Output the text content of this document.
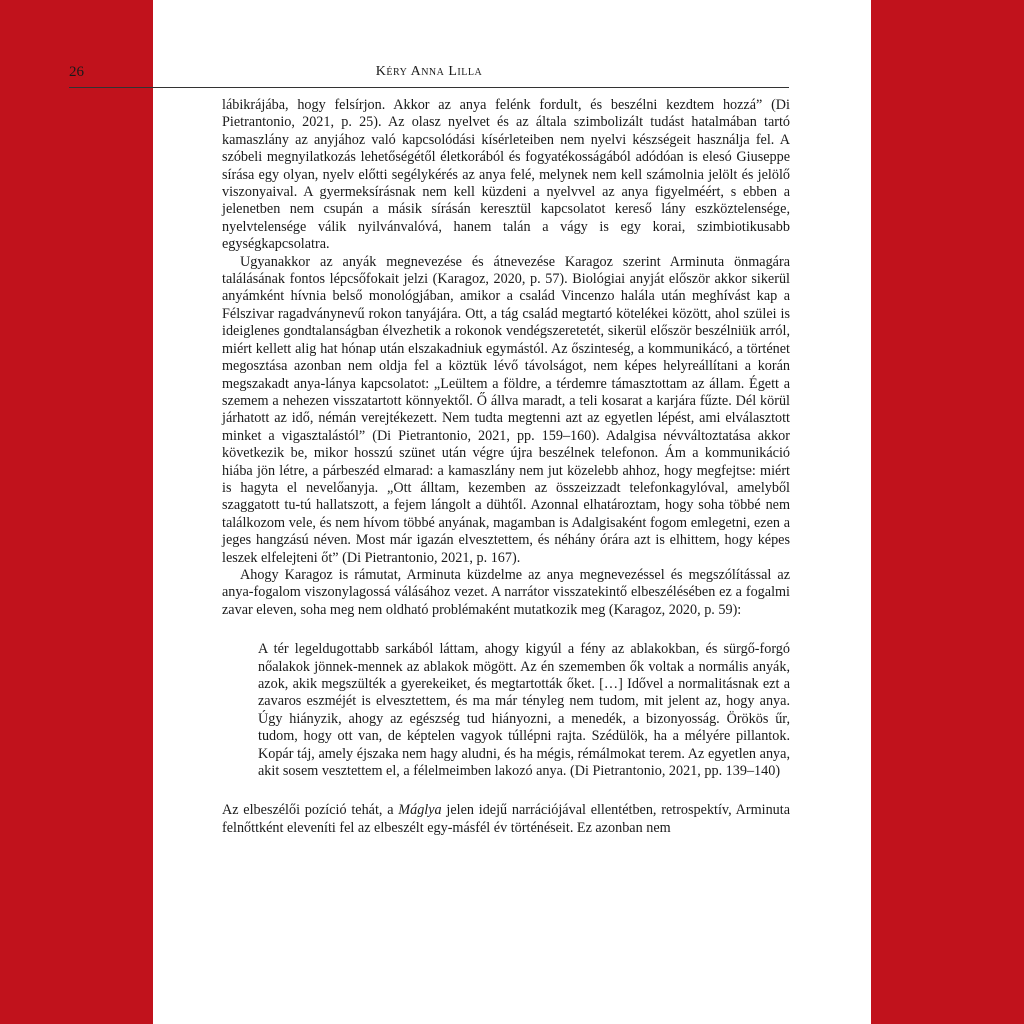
26	Kéry Anna Lilla

lábikrájába, hogy felsírjon. Akkor az anya felénk fordult, és beszélni kezdtem hozzá” (Di Pietrantonio, 2021, p. 25). Az olasz nyelvet és az általa szimbolizált tudást hatalmában tartó kamaszlány az anyjához való kapcsolódási kísérleteiben nem nyelvi készségeit használja fel. A szóbeli megnyilatkozás lehetőségétől életkorából és fogyatékosságából adódóan is elesó Giuseppe sírása egy olyan, nyelv előtti segélykérés az anya felé, melynek nem kell számolnia jelölt és jelölő viszonyaival. A gyermeksírásnak nem kell küzdeni a nyelvvel az anya figyelméért, s ebben a jelenetben nem csupán a másik sírásán keresztül kapcsolatot kereső lány eszköztelensége, nyelvtelensége válik nyilvánvalóvá, hanem talán a vágy is egy korai, szimbiotikusabb egységkapcsolatra.

Ugyanakkor az anyák megnevezése és átnevezése Karagoz szerint Arminuta önmagára találásának fontos lépcsőfokait jelzi (Karagoz, 2020, p. 57). Biológiai anyját először akkor sikerül anyámként hívnia belső monológjában, amikor a család Vincenzo halála után meghívást kap a Félszivar ragadványnevű rokon tanyájára. Ott, a tág család megtartó kötelékei között, ahol szülei is ideiglenes gondtalanságban élvezhetik a rokonok vendégszeretetét, sikerül először beszélniük arról, miért kellett alig hat hónap után elszakadniuk egymástól. Az őszinteség, a kommunikácó, a történet megosztása azonban nem oldja fel a köztük lévő távolságot, nem képes helyreállítani a korán megszakadt anya-lánya kapcsolatot: „Leültem a földre, a térdemre támasztottam az állam. Égett a szemem a nehezen visszatartott könnyektől. Ő állva maradt, a teli kosarat a karjára fűzte. Dél körül járhatott az idő, némán verejtékezett. Nem tudta megtenni azt az egyetlen lépést, ami elválasztott minket a vigasztalástól” (Di Pietrantonio, 2021, pp. 159–160). Adalgisa névváltoztatása akkor következik be, mikor hosszú szünet után végre újra beszélnek telefonon. Ám a kommunikáció hiába jön létre, a párbeszéd elmarad: a kamaszlány nem jut közelebb ahhoz, hogy megfejtse: miért is hagyta el nevelőanyja. „Ott álltam, kezemben az összeizzadt telefonkagylóval, amelyből szaggatott tu-tú hallatszott, a fejem lángolt a dühtől. Azonnal elhatároztam, hogy soha többé nem találkozom vele, és nem hívom többé anyának, magamban is Adalgisaként fogom emlegetni, ezen a jeges hangzású néven. Most már igazán elvesztettem, és néhány órára azt is elhittem, hogy képes leszek elfelejteni őt” (Di Pietrantonio, 2021, p. 167).

Ahogy Karagoz is rámutat, Arminuta küzdelme az anya megnevezéssel és megszólítással az anya-fogalom viszonylagossá válásához vezet. A narrátor visszatekintő elbeszélésében ez a fogalmi zavar eleven, soha meg nem oldható problémaként mutatkozik meg (Karagoz, 2020, p. 59):

A tér legeldugottabb sarkából láttam, ahogy kigyúl a fény az ablakokban, és sürgő-forgó nőalakok jönnek-mennek az ablakok mögött. Az én szememben ők voltak a normális anyák, azok, akik megszülték a gyerekeiket, és megtartották őket. […] Idővel a normalitásnak ezt a zavaros eszméjét is elvesztettem, és ma már tényleg nem tudom, mit jelent az, hogy anya. Úgy hiányzik, ahogy az egészség tud hiányozni, a menedék, a bizonyosság. Örökös űr, tudom, hogy ott van, de képtelen vagyok túllépni rajta. Szédülök, ha a mélyére pillantok. Kopár táj, amely éjszaka nem hagy aludni, és ha mégis, rémálmokat terem. Az egyetlen anya, akit sosem vesztettem el, a félelmeimben lakozó anya. (Di Pietrantonio, 2021, pp. 139–140)

Az elbeszélői pozíció tehát, a Máglya jelen idejű narrációjával ellentétben, retrospektív, Arminuta felnőttként eleveníti fel az elbeszélt egy-másfél év történéseit. Ez azonban nem
